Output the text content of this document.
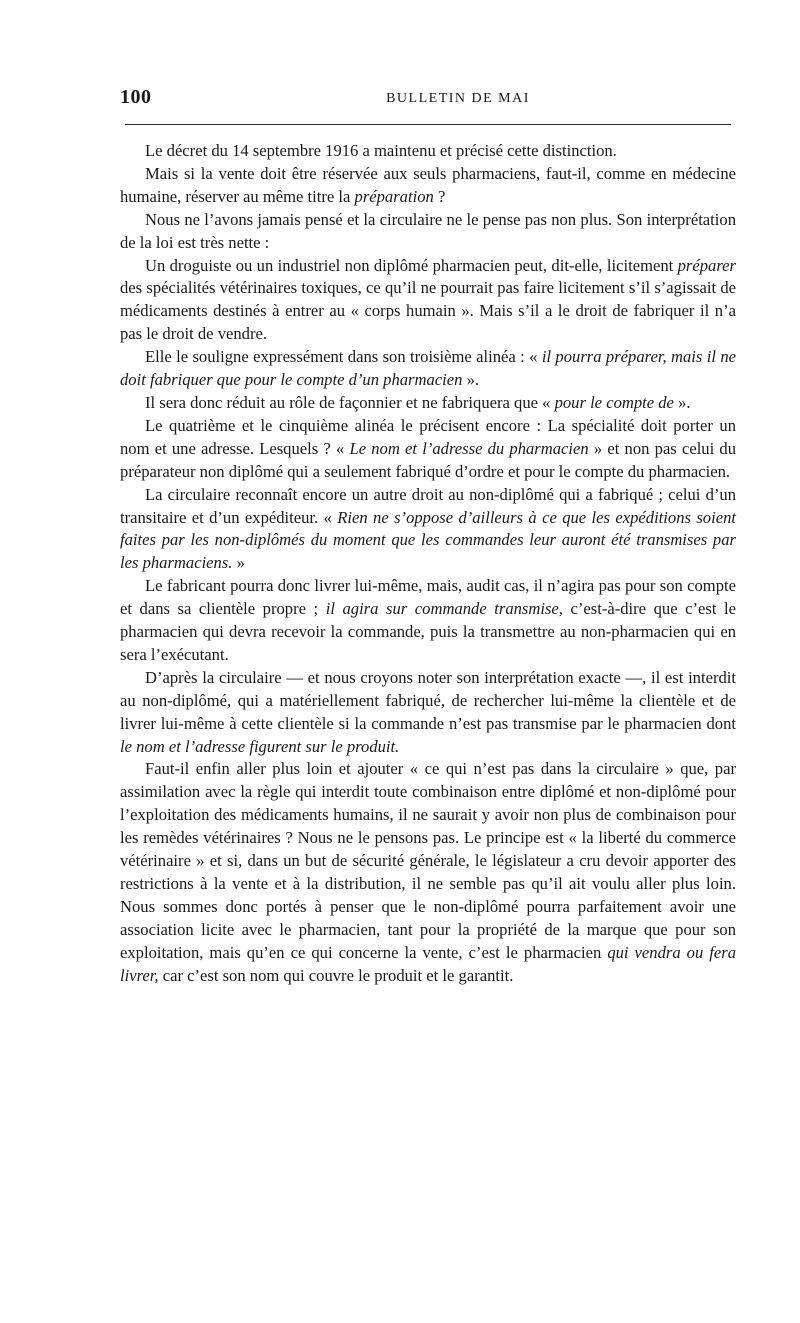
100	BULLETIN DE MAI

Le décret du 14 septembre 1916 a maintenu et précisé cette distinction.

Mais si la vente doit être réservée aux seuls pharmaciens, faut-il, comme en médecine humaine, réserver au même titre la préparation ?

Nous ne l’avons jamais pensé et la circulaire ne le pense pas non plus. Son interprétation de la loi est très nette :

Un droguiste ou un industriel non diplômé pharmacien peut, dit-elle, licitement préparer des spécialités vétérinaires toxiques, ce qu’il ne pourrait pas faire licitement s’il s’agissait de médicaments destinés à entrer au « corps humain ». Mais s’il a le droit de fabriquer il n’a pas le droit de vendre.

Elle le souligne expressément dans son troisième alinéa : « il pourra préparer, mais il ne doit fabriquer que pour le compte d’un pharmacien ».

Il sera donc réduit au rôle de façonnier et ne fabriquera que « pour le compte de ».

Le quatrième et le cinquième alinéa le précisent encore : La spécialité doit porter un nom et une adresse. Lesquels ? « Le nom et l’adresse du pharmacien » et non pas celui du préparateur non diplômé qui a seulement fabriqué d’ordre et pour le compte du pharmacien.

La circulaire reconnaît encore un autre droit au non-diplômé qui a fabriqué ; celui d’un transitaire et d’un expéditeur. « Rien ne s’oppose d’ailleurs à ce que les expéditions soient faites par les non-diplômés du moment que les commandes leur auront été transmises par les pharmaciens. »

Le fabricant pourra donc livrer lui-même, mais, audit cas, il n’agira pas pour son compte et dans sa clientèle propre ; il agira sur commande transmise, c’est-à-dire que c’est le pharmacien qui devra recevoir la commande, puis la transmettre au non-pharmacien qui en sera l’exécutant.

D’après la circulaire — et nous croyons noter son interprétation exacte —, il est interdit au non-diplômé, qui a matériellement fabriqué, de rechercher lui-même la clientèle et de livrer lui-même à cette clientèle si la commande n’est pas transmise par le pharmacien dont le nom et l’adresse figurent sur le produit.

Faut-il enfin aller plus loin et ajouter « ce qui n’est pas dans la circulaire » que, par assimilation avec la règle qui interdit toute combinaison entre diplômé et non-diplômé pour l’exploitation des médicaments humains, il ne saurait y avoir non plus de combinaison pour les remèdes vétérinaires ? Nous ne le pensons pas. Le principe est « la liberté du commerce vétérinaire » et si, dans un but de sécurité générale, le législateur a cru devoir apporter des restrictions à la vente et à la distribution, il ne semble pas qu’il ait voulu aller plus loin. Nous sommes donc portés à penser que le non-diplômé pourra parfaitement avoir une association licite avec le pharmacien, tant pour la propriété de la marque que pour son exploitation, mais qu’en ce qui concerne la vente, c’est le pharmacien qui vendra ou fera livrer, car c’est son nom qui couvre le produit et le garantit.
